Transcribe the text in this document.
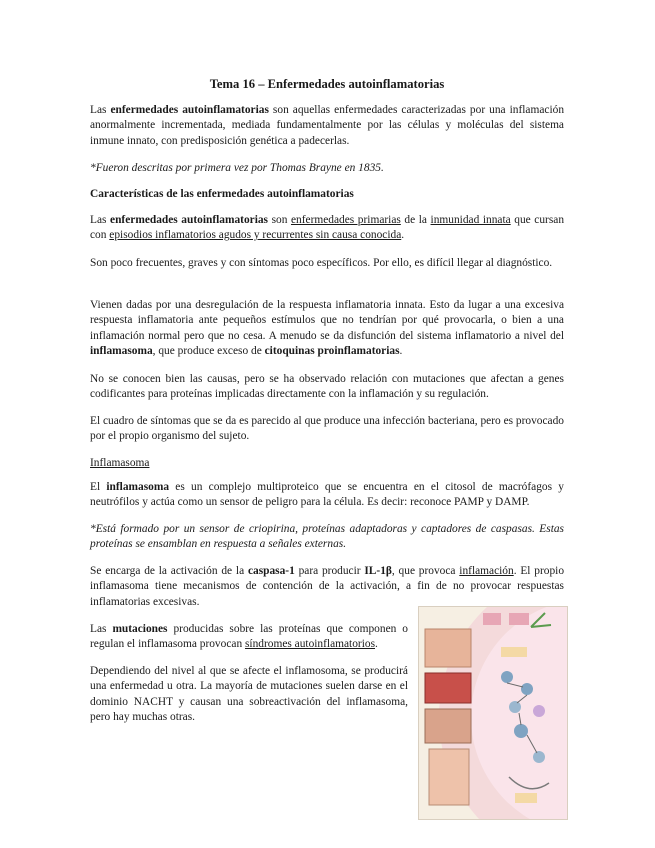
Tema 16 – Enfermedades autoinflamatorias

Las enfermedades autoinflamatorias son aquellas enfermedades caracterizadas por una inflamación anormalmente incrementada, mediada fundamentalmente por las células y moléculas del sistema inmune innato, con predisposición genética a padecerlas.

*Fueron descritas por primera vez por Thomas Brayne en 1835.
Características de las enfermedades autoinflamatorias

Las enfermedades autoinflamatorias son enfermedades primarias de la inmunidad innata que cursan con episodios inflamatorios agudos y recurrentes sin causa conocida.

Son poco frecuentes, graves y con síntomas poco específicos. Por ello, es difícil llegar al diagnóstico.

Vienen dadas por una desregulación de la respuesta inflamatoria innata. Esto da lugar a una excesiva respuesta inflamatoria ante pequeños estímulos que no tendrían por qué provocarla, o bien a una inflamación normal pero que no cesa. A menudo se da disfunción del sistema inflamatorio a nivel del inflamasoma, que produce exceso de citoquinas proinflamatorias.

No se conocen bien las causas, pero se ha observado relación con mutaciones que afectan a genes codificantes para proteínas implicadas directamente con la inflamación y su regulación.

El cuadro de síntomas que se da es parecido al que produce una infección bacteriana, pero es provocado por el propio organismo del sujeto.

Inflamasoma

El inflamasoma es un complejo multiproteico que se encuentra en el citosol de macrófagos y neutrófilos y actúa como un sensor de peligro para la célula. Es decir: reconoce PAMP y DAMP.

*Está formado por un sensor de criopirina, proteínas adaptadoras y captadores de caspasas. Estas proteínas se ensamblan en respuesta a señales externas.

Se encarga de la activación de la caspasa-1 para producir IL-1β, que provoca inflamación. El propio inflamasoma tiene mecanismos de contención de la activación, a fin de no provocar respuestas inflamatorias excesivas.

Las mutaciones producidas sobre las proteínas que componen o regulan el inflamasoma provocan síndromes autoinflamatorios.

Dependiendo del nivel al que se afecte el inflamosoma, se producirá una enfermedad u otra. La mayoría de mutaciones suelen darse en el dominio NACHT y causan una sobreactivación del inflamasoma, pero hay muchas otras.
